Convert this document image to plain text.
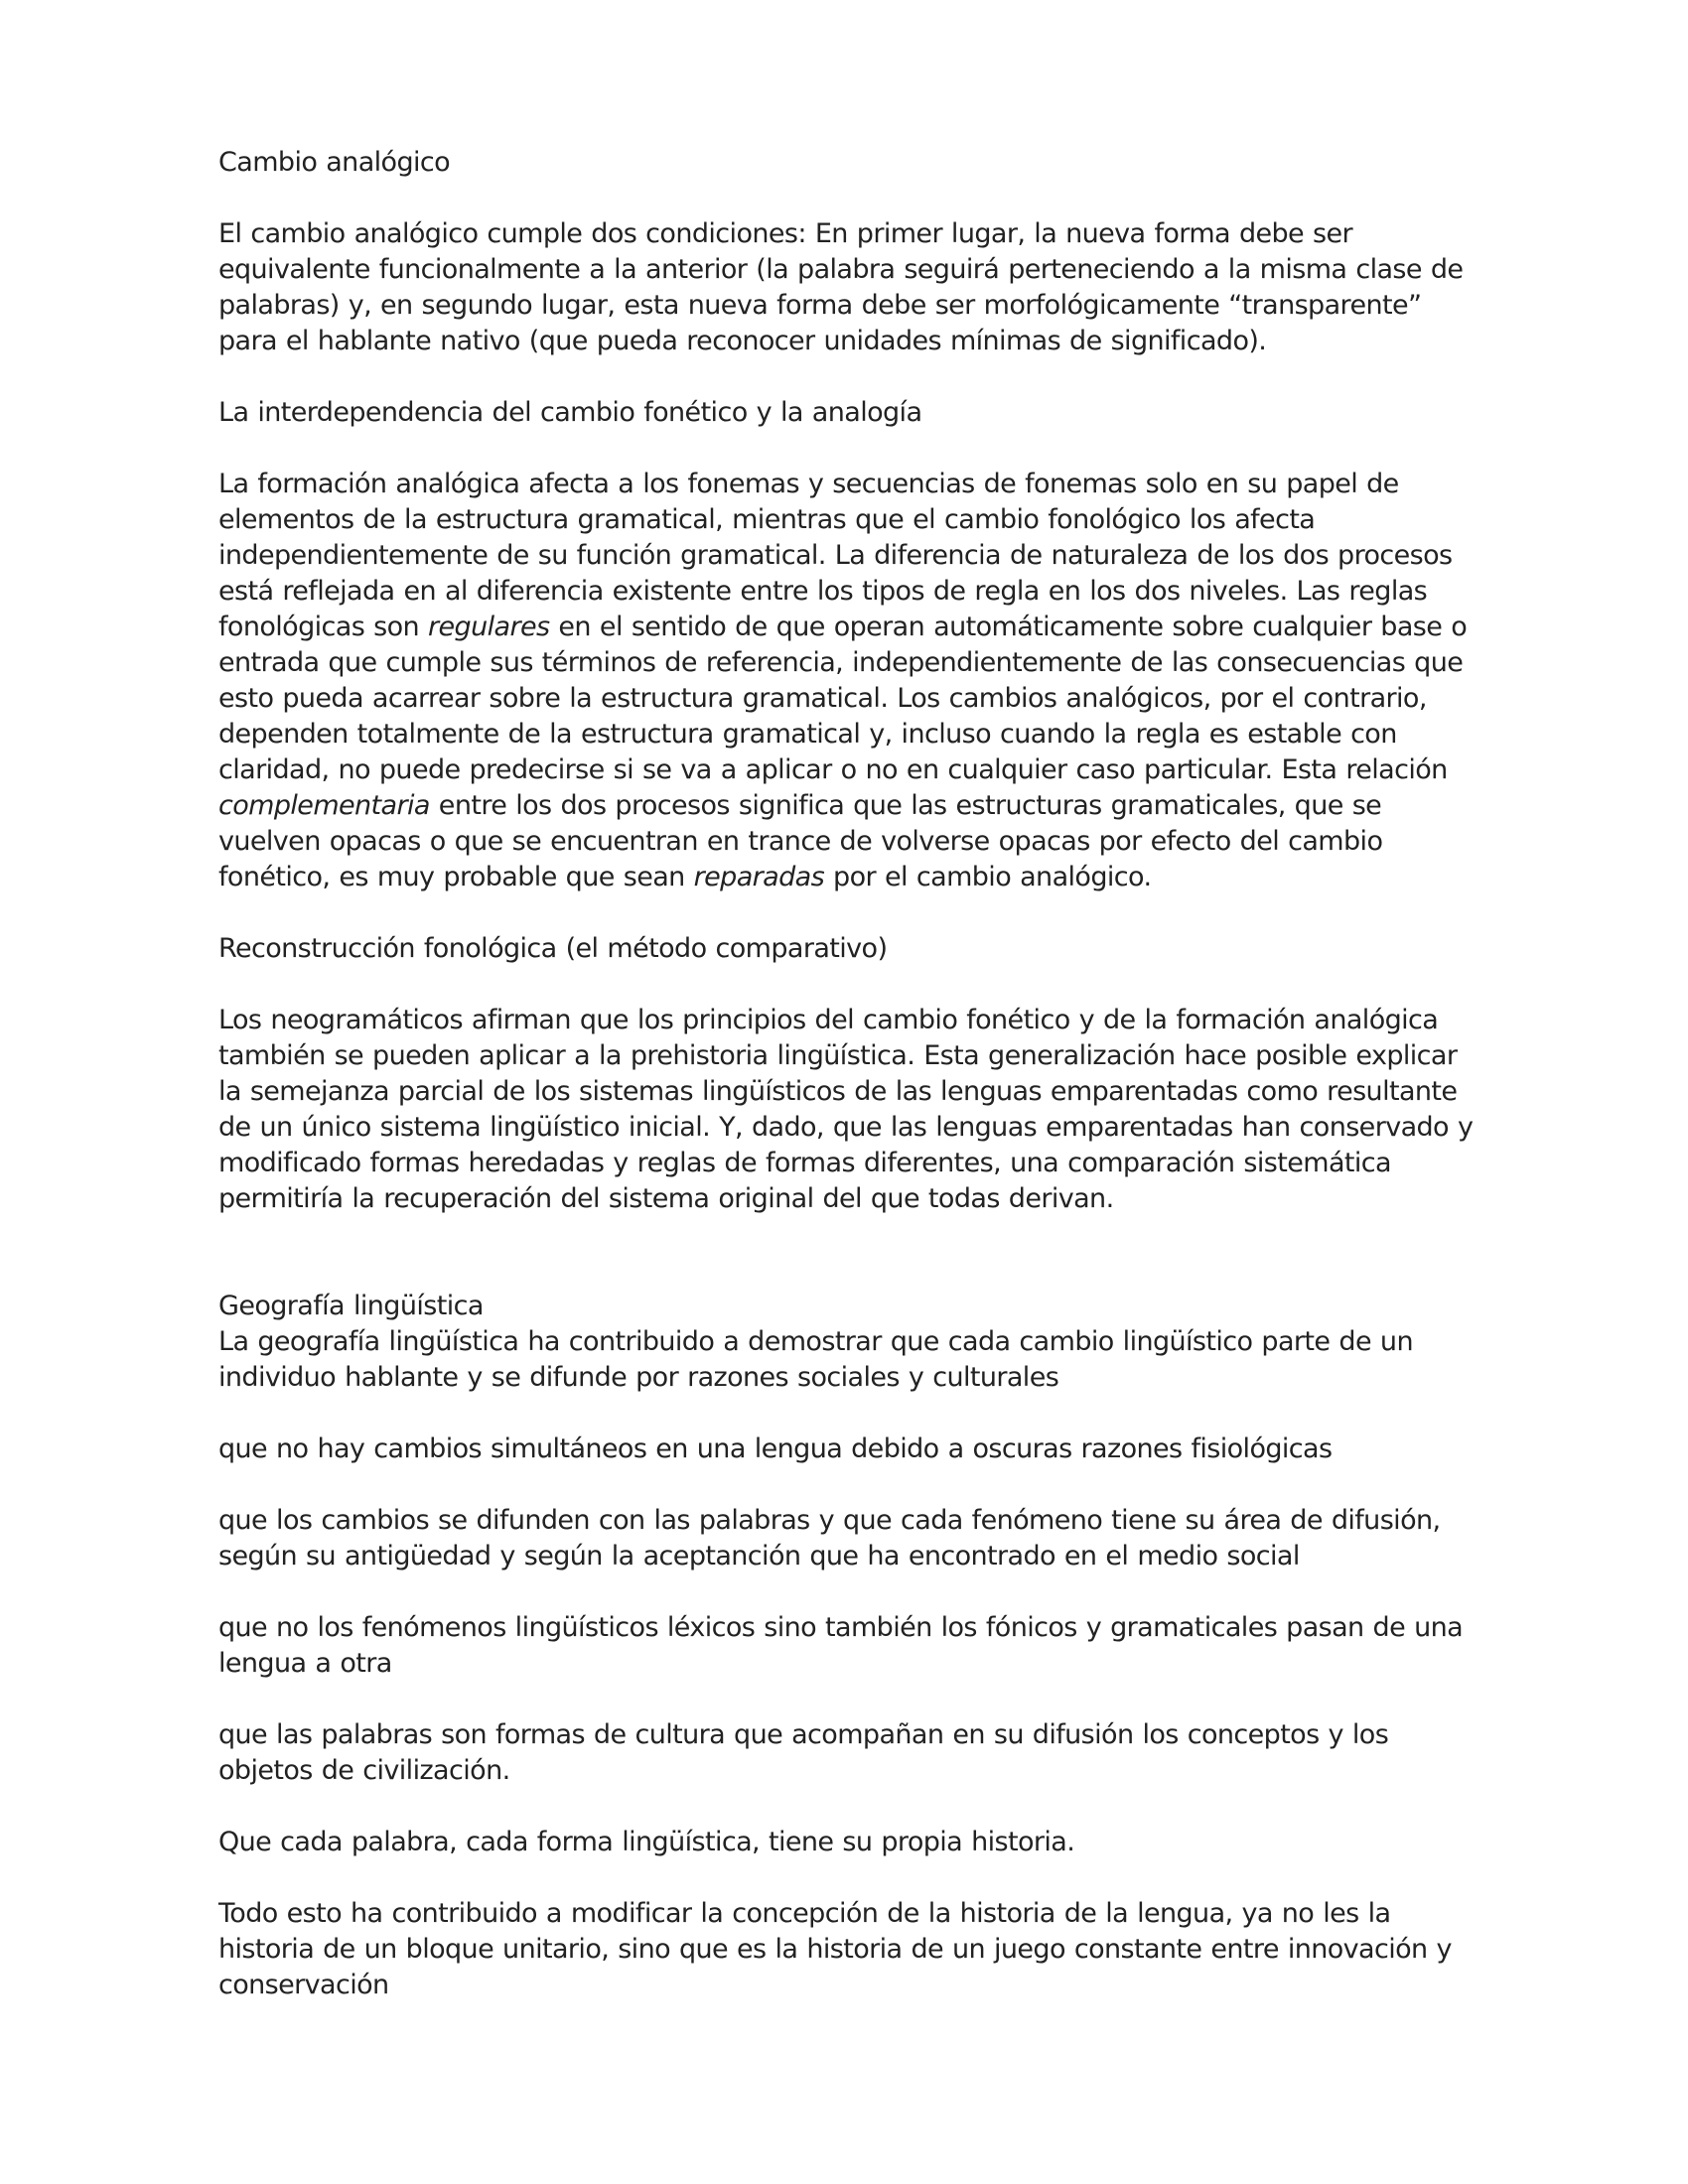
Cambio analógico

El cambio analógico cumple dos condiciones: En primer lugar, la nueva forma debe ser equivalente funcionalmente a la anterior (la palabra seguirá perteneciendo a la misma clase de palabras) y, en segundo lugar, esta nueva forma debe ser morfológicamente “transparente” para el hablante nativo (que pueda reconocer unidades mínimas de significado).

La interdependencia del cambio fonético y la analogía

La formación analógica afecta a los fonemas y secuencias de fonemas solo en su papel de elementos de la estructura gramatical, mientras que el cambio fonológico los afecta independientemente de su función gramatical. La diferencia de naturaleza de los dos procesos está reflejada en al diferencia existente entre los tipos de regla en los dos niveles. Las reglas fonológicas son regulares en el sentido de que operan automáticamente sobre cualquier base o entrada que cumple sus términos de referencia, independientemente de las consecuencias que esto pueda acarrear sobre la estructura gramatical. Los cambios analógicos, por el contrario, dependen totalmente de la estructura gramatical y, incluso cuando la regla es estable con claridad, no puede predecirse si se va a aplicar o no en cualquier caso particular. Esta relación complementaria entre los dos procesos significa que las estructuras gramaticales, que se vuelven opacas o que se encuentran en trance de volverse opacas por efecto del cambio fonético, es muy probable que sean reparadas por el cambio analógico.

Reconstrucción fonológica (el método comparativo)

Los neogramáticos afirman que los principios del cambio fonético y de la formación analógica también se pueden aplicar a la prehistoria lingüística. Esta generalización hace posible explicar la semejanza parcial de los sistemas lingüísticos de las lenguas emparentadas como resultante de un único sistema lingüístico inicial. Y, dado, que las lenguas emparentadas han conservado y modificado formas heredadas y reglas de formas diferentes, una comparación sistemática permitiría la recuperación del sistema original del que todas derivan.

Geografía lingüística

La geografía lingüística ha contribuido a demostrar que cada cambio lingüístico parte de un individuo hablante y se difunde por razones sociales y culturales

que no hay cambios simultáneos en una lengua debido a oscuras razones fisiológicas

que los cambios se difunden con las palabras y que cada fenómeno tiene su área de difusión, según su antigüedad y según la aceptanción que ha encontrado en el medio social

que no los fenómenos lingüísticos léxicos sino también los fónicos y gramaticales pasan de una lengua a otra

que las palabras son formas de cultura que acompañan en su difusión los conceptos y los objetos de civilización.

Que cada palabra, cada forma lingüística, tiene su propia historia.

Todo esto ha contribuido a modificar la concepción de la historia de la lengua, ya no les la historia de un bloque unitario, sino que es la historia de un juego constante entre innovación y conservación
